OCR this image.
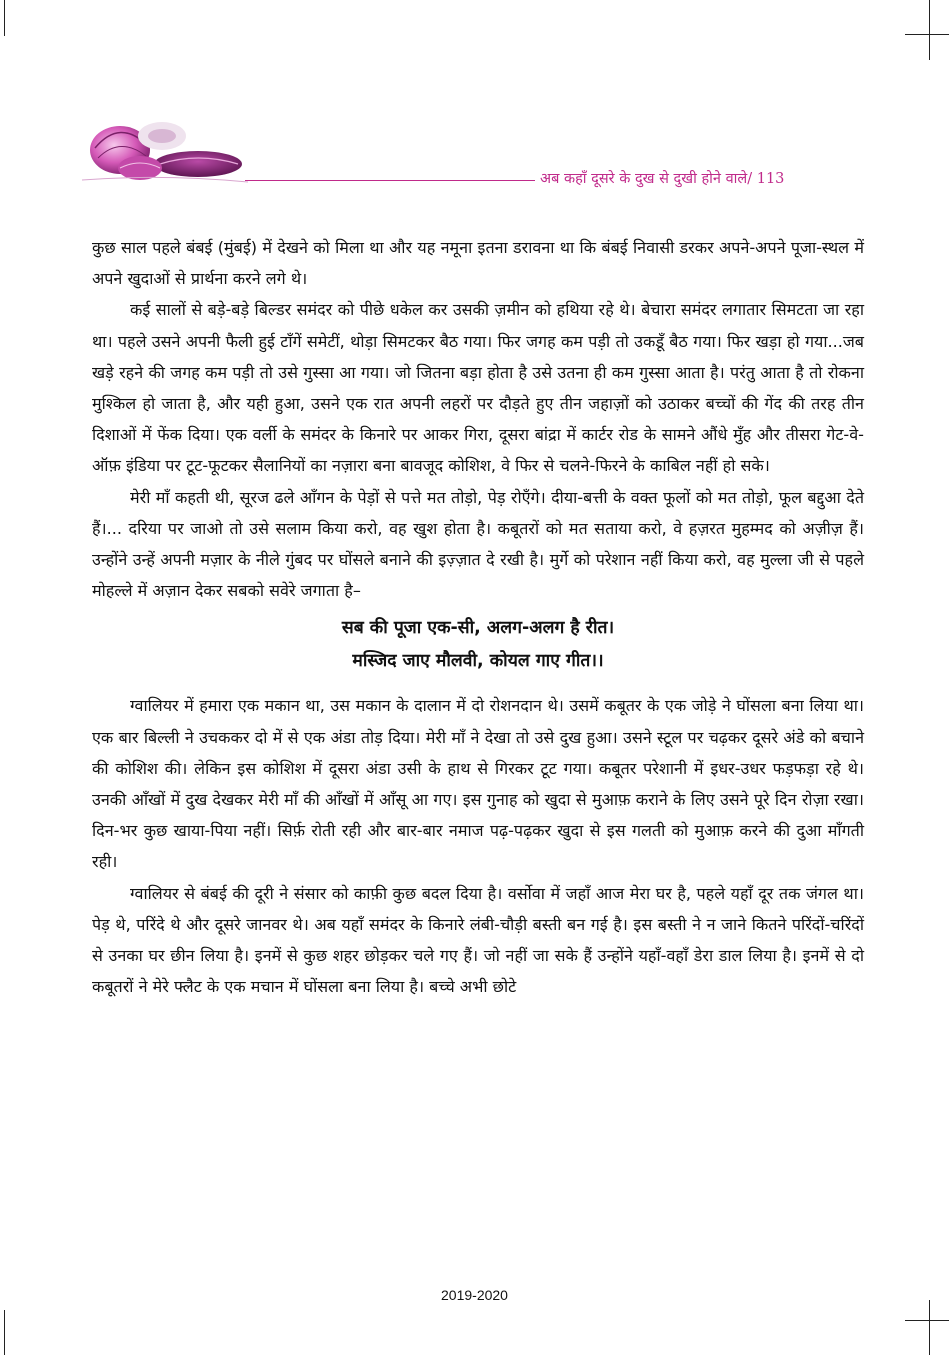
अब कहाँ दूसरे के दुख से दुखी होने वाले/ 113

कुछ साल पहले बंबई (मुंबई) में देखने को मिला था और यह नमूना इतना डरावना था कि बंबई निवासी डरकर अपने-अपने पूजा-स्थल में अपने खुदाओं से प्रार्थना करने लगे थे।

कई सालों से बड़े-बड़े बिल्डर समंदर को पीछे धकेल कर उसकी ज़मीन को हथिया रहे थे। बेचारा समंदर लगातार सिमटता जा रहा था। पहले उसने अपनी फैली हुई टाँगें समेटीं, थोड़ा सिमटकर बैठ गया। फिर जगह कम पड़ी तो उकडूँ बैठ गया। फिर खड़ा हो गया...जब खड़े रहने की जगह कम पड़ी तो उसे गुस्सा आ गया। जो जितना बड़ा होता है उसे उतना ही कम गुस्सा आता है। परंतु आता है तो रोकना मुश्किल हो जाता है, और यही हुआ, उसने एक रात अपनी लहरों पर दौड़ते हुए तीन जहाज़ों को उठाकर बच्चों की गेंद की तरह तीन दिशाओं में फेंक दिया। एक वर्ली के समंदर के किनारे पर आकर गिरा, दूसरा बांद्रा में कार्टर रोड के सामने औंधे मुँह और तीसरा गेट-वे-ऑफ़ इंडिया पर टूट-फूटकर सैलानियों का नज़ारा बना बावजूद कोशिश, वे फिर से चलने-फिरने के काबिल नहीं हो सके।

मेरी माँ कहती थी, सूरज ढले आँगन के पेड़ों से पत्ते मत तोड़ो, पेड़ रोएँगे। दीया-बत्ती के वक्त फूलों को मत तोड़ो, फूल बद्दुआ देते हैं।... दरिया पर जाओ तो उसे सलाम किया करो, वह खुश होता है। कबूतरों को मत सताया करो, वे हज़रत मुहम्मद को अज़ीज़ हैं। उन्होंने उन्हें अपनी मज़ार के नीले गुंबद पर घोंसले बनाने की इज़्ज़ात दे रखी है। मुर्गे को परेशान नहीं किया करो, वह मुल्ला जी से पहले मोहल्ले में अज़ान देकर सबको सवेरे जगाता है–

सब की पूजा एक-सी, अलग-अलग है रीत।
मस्जिद जाए मौलवी, कोयल गाए गीत।।

ग्वालियर में हमारा एक मकान था, उस मकान के दालान में दो रोशनदान थे। उसमें कबूतर के एक जोड़े ने घोंसला बना लिया था। एक बार बिल्ली ने उचककर दो में से एक अंडा तोड़ दिया। मेरी माँ ने देखा तो उसे दुख हुआ। उसने स्टूल पर चढ़कर दूसरे अंडे को बचाने की कोशिश की। लेकिन इस कोशिश में दूसरा अंडा उसी के हाथ से गिरकर टूट गया। कबूतर परेशानी में इधर-उधर फड़फड़ा रहे थे। उनकी आँखों में दुख देखकर मेरी माँ की आँखों में आँसू आ गए। इस गुनाह को खुदा से मुआफ़ कराने के लिए उसने पूरे दिन रोज़ा रखा। दिन-भर कुछ खाया-पिया नहीं। सिर्फ़ रोती रही और बार-बार नमाज पढ़-पढ़कर खुदा से इस गलती को मुआफ़ करने की दुआ माँगती रही।

ग्वालियर से बंबई की दूरी ने संसार को काफ़ी कुछ बदल दिया है। वर्सोवा में जहाँ आज मेरा घर है, पहले यहाँ दूर तक जंगल था। पेड़ थे, परिंदे थे और दूसरे जानवर थे। अब यहाँ समंदर के किनारे लंबी-चौड़ी बस्ती बन गई है। इस बस्ती ने न जाने कितने परिंदों-चरिंदों से उनका घर छीन लिया है। इनमें से कुछ शहर छोड़कर चले गए हैं। जो नहीं जा सके हैं उन्होंने यहाँ-वहाँ डेरा डाल लिया है। इनमें से दो कबूतरों ने मेरे फ्लैट के एक मचान में घोंसला बना लिया है। बच्चे अभी छोटे

2019-2020
